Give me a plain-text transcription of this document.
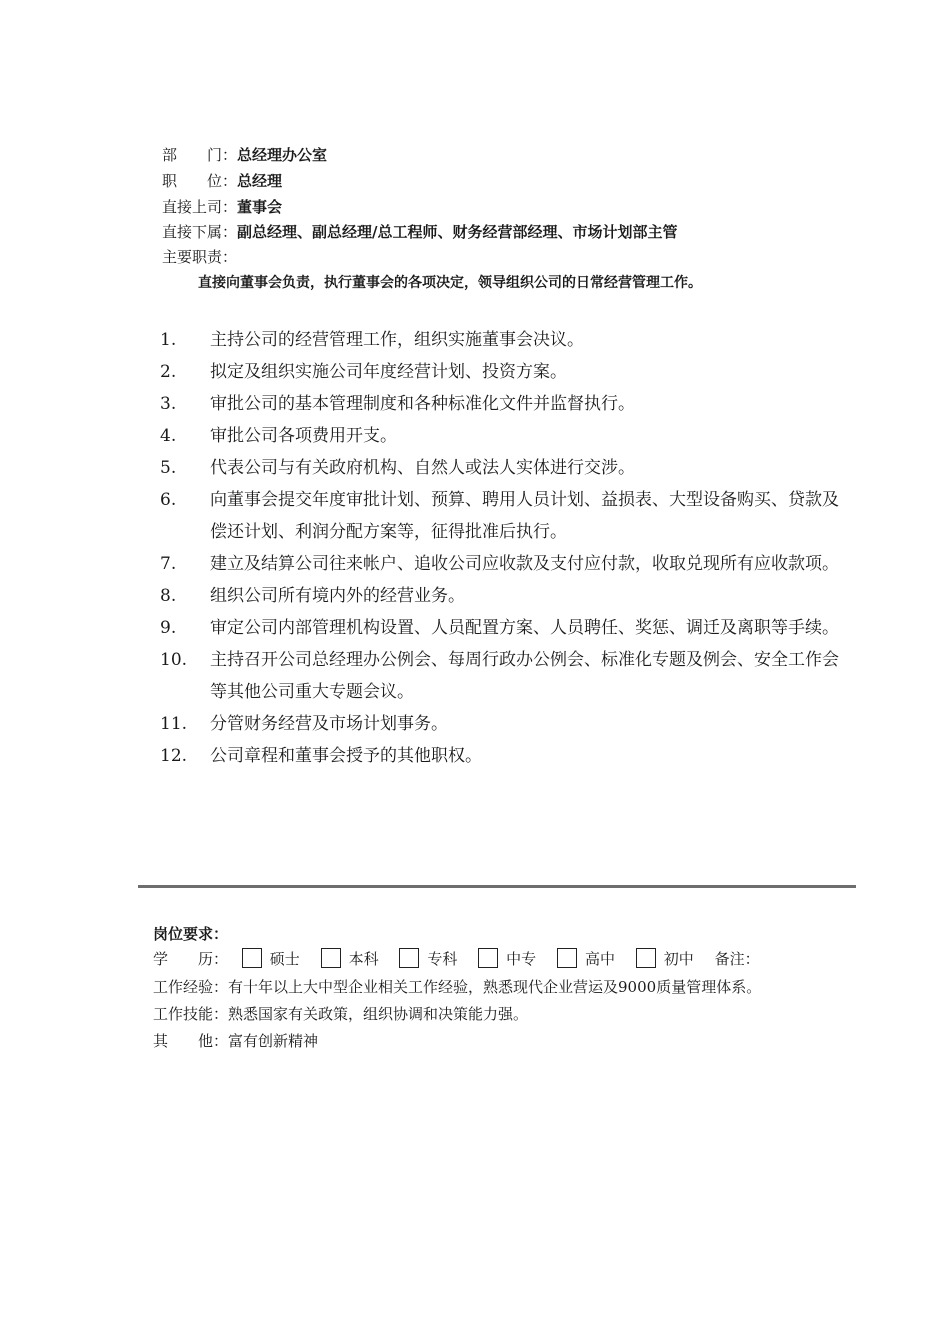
部　　门：总经理办公室
职　　位：总经理
直接上司：董事会
直接下属：副总经理、副总经理/总工程师、财务经营部经理、市场计划部主管
主要职责：
直接向董事会负责，执行董事会的各项决定，领导组织公司的日常经营管理工作。
1.	主持公司的经营管理工作，组织实施董事会决议。
2.	拟定及组织实施公司年度经营计划、投资方案。
3.	审批公司的基本管理制度和各种标准化文件并监督执行。
4.	审批公司各项费用开支。
5.	代表公司与有关政府机构、自然人或法人实体进行交涉。
6.	向董事会提交年度审批计划、预算、聘用人员计划、益损表、大型设备购买、贷款及偿还计划、利润分配方案等，征得批准后执行。
7.	建立及结算公司往来帐户、追收公司应收款及支付应付款，收取兑现所有应收款项。
8.	组织公司所有境内外的经营业务。
9.	审定公司内部管理机构设置、人员配置方案、人员聘任、奖惩、调迁及离职等手续。
10.	主持召开公司总经理办公例会、每周行政办公例会、标准化专题及例会、安全工作会等其他公司重大专题会议。
11.	分管财务经营及市场计划事务。
12.	公司章程和董事会授予的其他职权。
岗位要求：
学　　历：	硕士	本科	专科	中专	高中	初中 备注：
工作经验：有十年以上大中型企业相关工作经验，熟悉现代企业营运及9000质量管理体系。
工作技能：熟悉国家有关政策，组织协调和决策能力强。
其　　他：富有创新精神
